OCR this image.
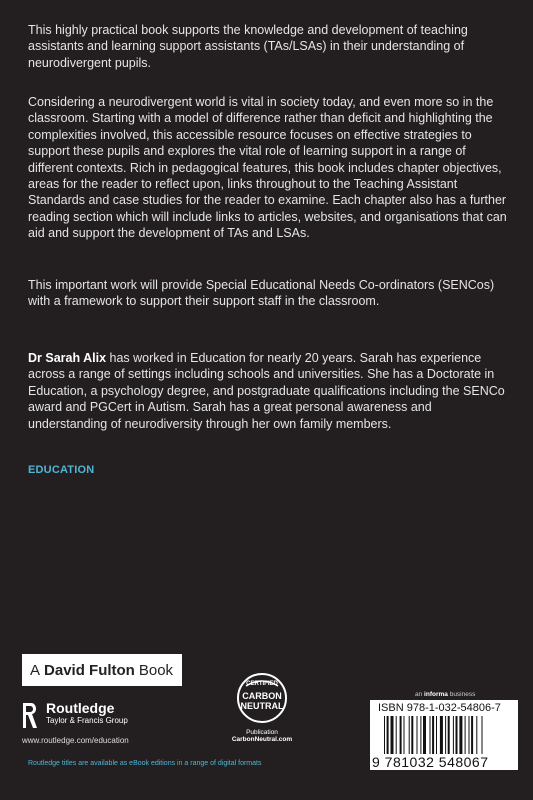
This highly practical book supports the knowledge and development of teaching assistants and learning support assistants (TAs/LSAs) in their understanding of neurodivergent pupils.
Considering a neurodivergent world is vital in society today, and even more so in the classroom. Starting with a model of difference rather than deficit and highlighting the complexities involved, this accessible resource focuses on effective strategies to support these pupils and explores the vital role of learning support in a range of different contexts. Rich in pedagogical features, this book includes chapter objectives, areas for the reader to reflect upon, links throughout to the Teaching Assistant Standards and case studies for the reader to examine. Each chapter also has a further reading section which will include links to articles, websites, and organisations that can aid and support the development of TAs and LSAs.
This important work will provide Special Educational Needs Co-ordinators (SENCos) with a framework to support their support staff in the classroom.
Dr Sarah Alix has worked in Education for nearly 20 years. Sarah has experience across a range of settings including schools and universities. She has a Doctorate in Education, a psychology degree, and postgraduate qualifications including the SENCo award and PGCert in Autism. Sarah has a great personal awareness and understanding of neurodiversity through her own family members.
EDUCATION
A David Fulton Book
Routledge
Taylor & Francis Group
www.routledge.com/education
Routledge titles are available as eBook editions in a range of digital formats
CERTIFIED
CARBON
NEUTRAL
Publication
CarbonNeutral.com
an informa business
ISBN 978-1-032-54806-7
9 781032 548067
